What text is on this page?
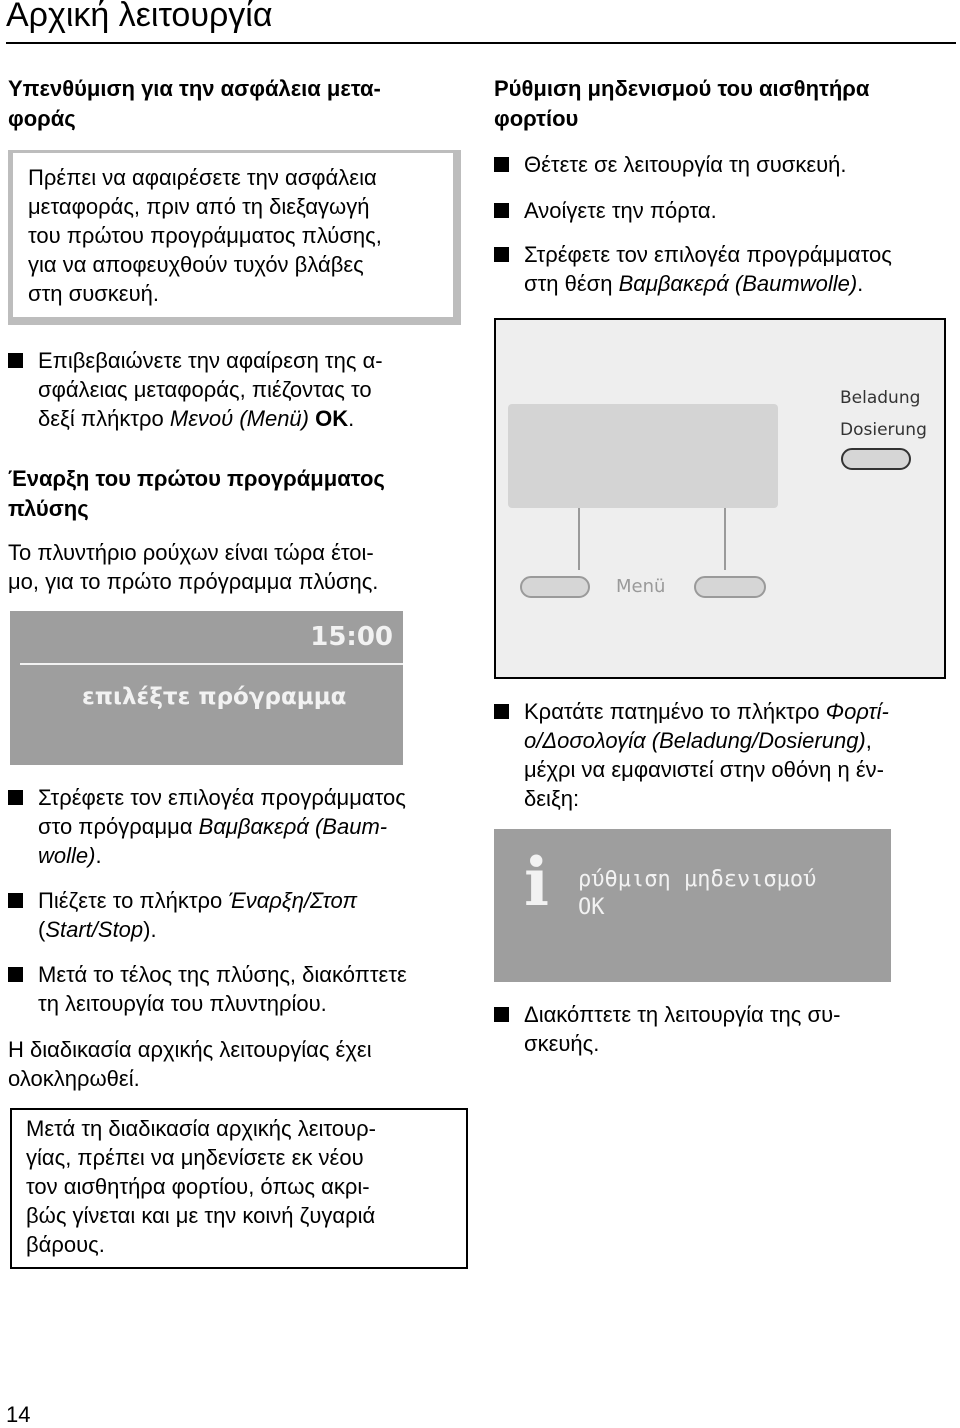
Αρχική λειτουργία
Υπενθύμιση για την ασφάλεια μετα-
φοράς
Πρέπει να αφαιρέσετε την ασφάλεια
μεταφοράς, πριν από τη διεξαγωγή
του πρώτου προγράμματος πλύσης,
για να αποφευχθούν τυχόν βλάβες
στη συσκευή.
Επιβεβαιώνετε την αφαίρεση της α-
σφάλειας μεταφοράς, πιέζοντας το
δεξί πλήκτρο Μενού (Menü) OK.
Έναρξη του πρώτου προγράμματος
πλύσης
Το πλυντήριο ρούχων είναι τώρα έτοι-
μο, για το πρώτο πρόγραμμα πλύσης.
15:00
επιλέξτε πρόγραμμα
Στρέφετε τον επιλογέα προγράμματος
στο πρόγραμμα Βαμβακερά (Baum-
wolle).
Πιέζετε το πλήκτρο Έναρξη/Στοπ
(Start/Stop).
Μετά το τέλος της πλύσης, διακόπτετε
τη λειτουργία του πλυντηρίου.
Η διαδικασία αρχικής λειτουργίας έχει
ολοκληρωθεί.
Μετά τη διαδικασία αρχικής λειτουρ-
γίας, πρέπει να μηδενίσετε εκ νέου
τον αισθητήρα φορτίου, όπως ακρι-
βώς γίνεται και με την κοινή ζυγαριά
βάρους.
Ρύθμιση μηδενισμού του αισθητήρα
φορτίου
Θέτετε σε λειτουργία τη συσκευή.
Ανοίγετε την πόρτα.
Στρέφετε τον επιλογέα προγράμματος
στη θέση Βαμβακερά (Baumwolle).
Beladung
Dosierung
Menü
Κρατάτε πατημένο το πλήκτρο Φορτί-
ο/Δοσολογία (Beladung/Dosierung),
μέχρι να εμφανιστεί στην οθόνη η έν-
δειξη:
i ρύθμιση μηδενισμού
OK
Διακόπτετε τη λειτουργία της συ-
σκευής.
14
